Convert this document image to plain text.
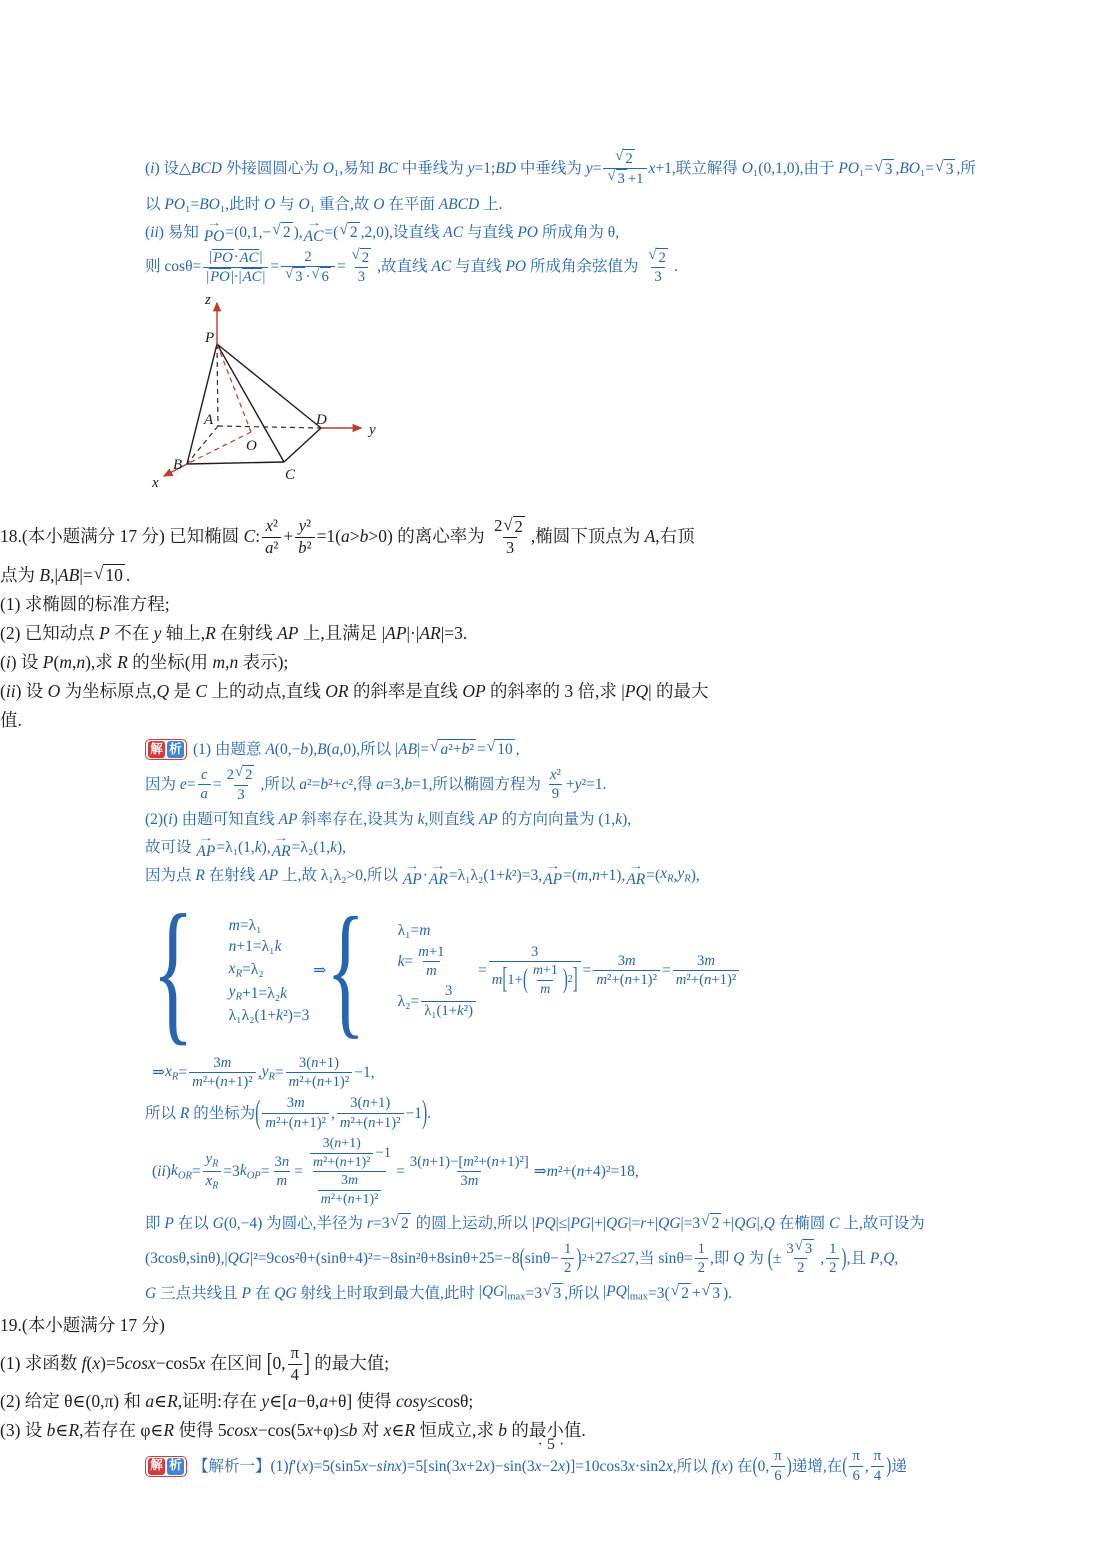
(i) 设△BCD 外接圆圆心为 O₁,易知 BC 中垂线为 y=1;BD 中垂线为 $y= \frac{√ 2}{√ 3 +1} x+1$,联立解得 O₁(0,1,0),由于 PO₁= √ 3 ,BO₁= √ 3 ,所
以 PO₁=BO₁,此时 O 与 O₁ 重合,故 O 在平面 ABCD 上.
(ii) 易知
→
PO =(0,1,− √ 2 ),
→
AC =( √ 2 ,2,0),设直线 AC 与直线 PO 所成角为 θ,
则 $\cos\theta= \frac{| PO \cdot AC |}{| PO |\cdot| AC |} = \frac{2}{√ 3 \cdot √ 6} = \frac{√ 2}{3}$ ,故直线 AC 与直线 PO 所成角余弦值为 $\frac{√ 2}{3}$ .
z
P
A
O
D
y
B
x	C
18.(本小题满分 17 分) 已知椭圆 C: $\frac{\text{x²}}{\text{a²}} + \frac{\text{y²}}{\text{b²}} =1(a>b>0)$ 的离心率为 $\frac{2 √ 2}{3}$ ,椭圆下顶点为 A,右顶
点为 B,|AB|= √ 10 .
(1) 求椭圆的标准方程;
(2) 已知动点 P 不在 y 轴上,R 在射线 AP 上,且满足 |AP|·|AR|=3.
(i) 设 P(m,n),求 R 的坐标(用 m,n 表示);
(ii) 设 O 为坐标原点,Q 是 C 上的动点,直线 OR 的斜率是直线 OP 的斜率的 3 倍,求 |PQ| 的最大
值.
解 析 (1) 由题意 A(0,−b),B(a,0),所以 |AB|= √ a²+b² = √ 10 ,
因为 $e= \frac{c}{a} = \frac{2 √ 2}{3}$ ,所以 a²=b²+c²,得 a=3,b=1,所以椭圆方程为 $\frac{\text{x²}}{9} +y^2=1$.
(2)(i) 由题可知直线 AP 斜率存在,设其为 k,则直线 AP 的方向向量为 (1,k),
故可设
→
AP =λ₁(1,k),
→
AR =λ₂(1,k),
因为点 R 在射线 AP 上,故 λ₁λ₂>0,所以
→
AP ·
→
AR =λ₁λ₂(1+k²)=3,
→
AP =(m,n+1),
→
AR =( $x_R$ , $y_R$ ),
{ m=λ₁
n+1=λ₁k
$x_R =\lambda_2$
$y_R +1=\lambda_2k$
λ₁λ₂(1+k²)=3
⇒ { λ₁=m
$k= \frac{m+1}{m}$
$\lambda_2= \frac{3}{\text{λ₁(1+k²)}}$
= $\frac{3}{m [ 1+ ( \frac{m+1}{m} ) 2 ]} = \frac{3m}{\text{m²+(n+1)²}} = \frac{3m}{\text{m²+(n+1)²}}$
⇒ $x_R = \frac{3m}{\text{m²+(n+1)²}}$ , $y_R = \frac{3(n+1)}{\text{m²+(n+1)²}} -1$,
所以 R 的坐标为 ( $\frac{3m}{\text{m²+(n+1)²}}$ , $\frac{3(n+1)}{\text{m²+(n+1)²}} -1$ ) .
(ii) $k_{OR} = \frac{y_R}{x_R} =3$ $k_{OP} = \frac{3n}{m} = \frac{\frac{3(n+1)}{\text{m²+(n+1)²}} -1}{\frac{3m}{\text{m²+(n+1)²}}} = \frac{\text{3(n+1)−[m²+(n+1)²]}}{3m}$ ⇒m²+(n+4)²=18,
即 P 在以 G(0,−4) 为圆心,半径为 r=3 √ 2 的圆上运动,所以 |PQ|≤|PG|+|QG|=r+|QG|=3 √ 2 +|QG|,Q 在椭圆 C 上,故可设为
(3cosθ,sinθ),|QG|²=9cos²θ+(sinθ+4)²=−8sin²θ+8sinθ+25=−8 ( $\sin\theta- \frac{1}{2}$ ) 2 +27≤27,当 $\sin\theta= \frac{1}{2}$ ,即 Q 为 ( ± $\frac{3 √ 3}{2}$ , $\frac{1}{2}$ ) ,且 P,Q,
G 三点共线且 P 在 QG 射线上时取到最大值,此时 $|QG|_{max} =3$ √ 3 ,所以 $|PQ|_{max} =3$( √ 2 + √ 3 ).
19.(本小题满分 17 分)
(1) 求函数 f(x)=5cosx−cos5x 在区间 [ 0, $\frac{\pi}{4}$ ] 的最大值;
(2) 给定 θ∈(0,π) 和 a∈R,证明:存在 y∈[a−θ,a+θ] 使得 cosy≤cosθ;
(3) 设 b∈R,若存在 φ∈R 使得 5cosx−cos(5x+φ)≤b 对 x∈R 恒成立,求 b 的最小值.
解 析 【解析一】(1)f′(x)=5(sin5x−sinx)=5[sin(3x+2x)−sin(3x−2x)]=10cos3x·sin2x,所以 f(x) 在 ( 0, $\frac{\pi}{6}$ ) 递增,在 ( $\frac{\pi}{6}$ , $\frac{\pi}{4}$ ) 递
· 5 ·
